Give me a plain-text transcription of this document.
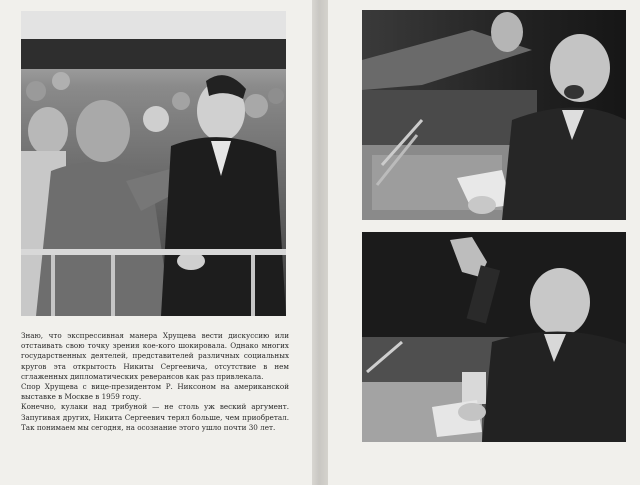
Знаю, что экспрессивная манера Хрущева вести дискуссию или отстаивать свою точку зрения кое-кого шокировала. Однако многих государственных деятелей, представителей различных социальных кругов эта открытость Никиты Сергеевича, отсутствие в нем сглаженных дипломатических реверансов как раз привлекала.

Спор Хрущева с вице-президентом Р. Никсоном на американской выставке в Москве в 1959 году.

Конечно, кулаки над трибуной — не столь уж веский аргумент. Запугивая других, Никита Сергеевич терял больше, чем приобретал. Так понимаем мы сегодня, на осознание этого ушло почти 30 лет.
